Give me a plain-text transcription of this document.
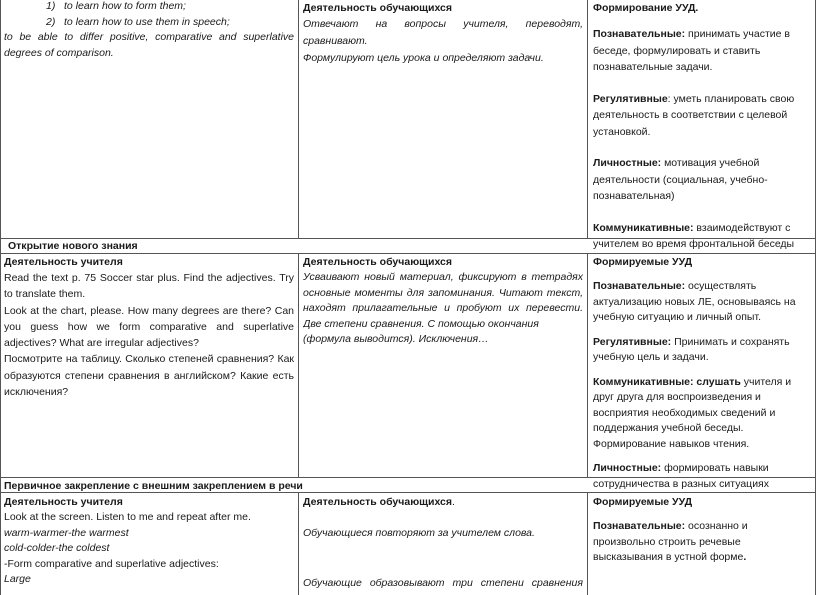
1) to learn how to form them;
2) to learn how to use them in speech;

to be able to differ positive, comparative and superlative degrees of comparison.

Деятельность обучающихся

Отвечают на вопросы учителя, переводят,

сравнивают.

Формулируют цель урока и определяют задачи.

Формирование УУД.

Познавательные: принимать участие в беседе, формулировать и ставить познавательные задачи.

Регулятивные: уметь планировать свою деятельность в соответствии с целевой установкой.

Личностные: мотивация учебной деятельности (социальная, учебно-познавательная)

Коммуникативные: взаимодействуют с учителем во время фронтальной беседы

Открытие нового знания
Деятельность учителя

Read the text p. 75 Soccer star plus. Find the adjectives. Try to translate them.

Look at the chart, please. How many degrees are there? Can you guess how we form comparative and superlative adjectives? What are irregular adjectives?

Посмотрите на таблицу. Сколько степеней сравнения? Как образуются степени сравнения в английском? Какие есть исключения?

Деятельность обучающихся

Усваивают новый материал, фиксируют в тетрадях основные моменты для запоминания. Читают текст, находят прилагательные и пробуют их перевести. Две степени сравнения. С помощью окончания

(формула выводится). Исключения…

Формируемые УУД

Познавательные: осуществлять актуализацию новых ЛЕ, основываясь на учебную ситуацию и личный опыт.

Регулятивные: Принимать и сохранять учебную цель и задачи.

Коммуникативные: слушать учителя и друг друга для воспроизведения и восприятия необходимых сведений и поддержания учебной беседы. Формирование навыков чтения.

Личностные: формировать навыки сотрудничества в разных ситуациях

Первичное закрепление с внешним закреплением в речи
Деятельность учителя

Look at the screen. Listen to me and repeat after me.

warm-warmer-the warmest

cold-colder-the coldest

-Form comparative and superlative adjectives:

Large

Деятельность обучающихся.

Обучающиеся повторяют за учителем слова.

Обучающие образовывают три степени сравнения

Формируемые УУД

Познавательные: осознанно и произвольно строить речевые высказывания в устной форме.
